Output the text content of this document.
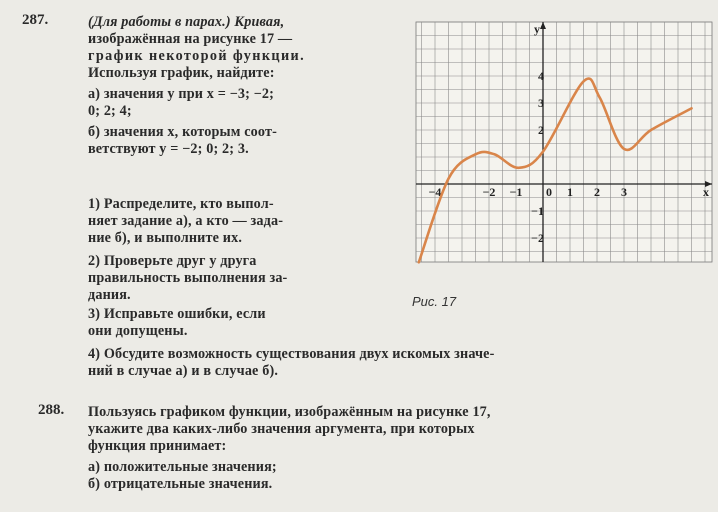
287.	(Для работы в парах.) Кривая,
изображённая на рисунке 17 —
график некоторой функции.
Используя график, найдите:
а) значения y при x = −3; −2;
0; 2; 4;
б) значения x, которым соот-
ветствуют y = −2; 0; 2; 3.
1) Распределите, кто выпол-
няет задание а), а кто — зада-
ние б), и выполните их.
2) Проверьте друг у друга
правильность выполнения за-
дания.
3) Исправьте ошибки, если
они допущены.
4) Обсудите возможность существования двух искомых значе-
ний в случае а) и в случае б).
288. Пользуясь графиком функции, изображённым на рисунке 17,
укажите два каких-либо значения аргумента, при которых
функция принимает:
а) положительные значения;
б) отрицательные значения.
x
y
−4	−2 −1 0 1 2 3
4
3
2
−1
−2
Рис. 17
